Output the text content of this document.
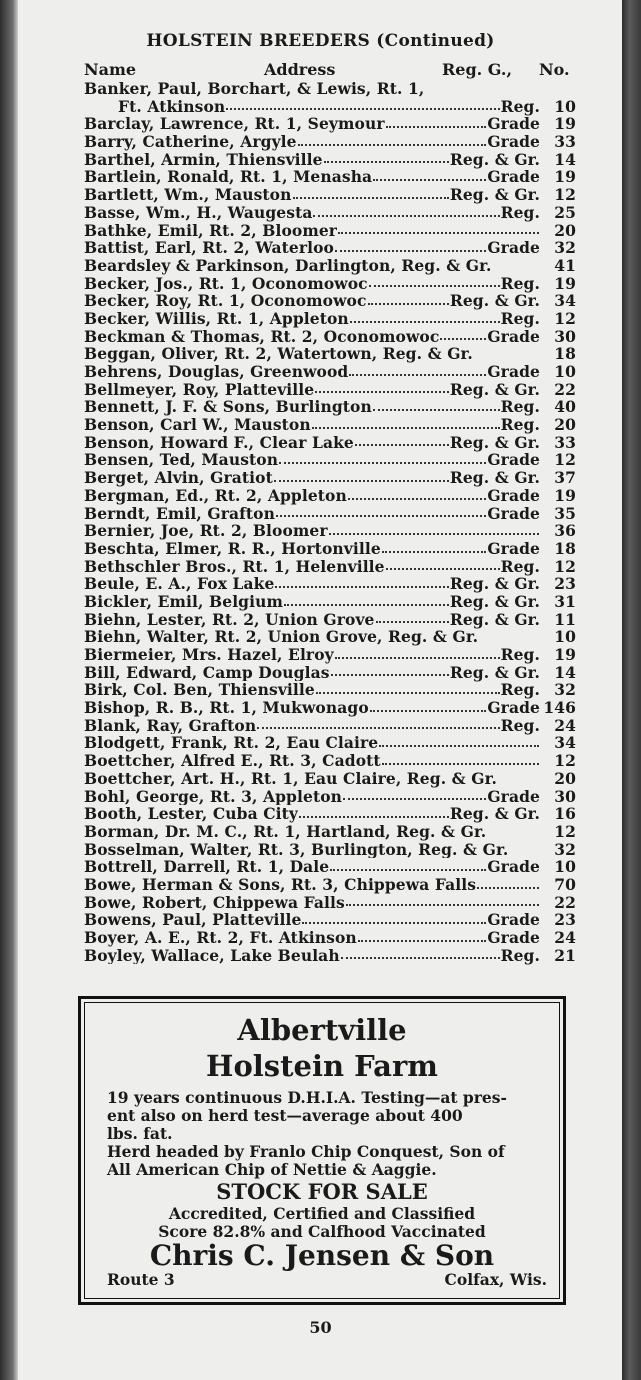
HOLSTEIN BREEDERS (Continued)
Name	Address	Reg. G., No.
Banker, Paul, Borchart, & Lewis, Rt. 1,
Ft. Atkinson	Reg. 10
Barclay, Lawrence, Rt. 1, Seymour	Grade 19
Barry, Catherine, Argyle	Grade 33
Barthel, Armin, Thiensville	Reg. & Gr. 14
Bartlein, Ronald, Rt. 1, Menasha	Grade 19
Bartlett, Wm., Mauston	Reg. & Gr. 12
Basse, Wm., H., Waugesta	Reg. 25
Bathke, Emil, Rt. 2, Bloomer	20
Battist, Earl, Rt. 2, Waterloo	Grade 32
Beardsley & Parkinson, Darlington, Reg. & Gr.	41
Becker, Jos., Rt. 1, Oconomowoc	Reg. 19
Becker, Roy, Rt. 1, Oconomowoc	Reg. & Gr. 34
Becker, Willis, Rt. 1, Appleton	Reg. 12
Beckman & Thomas, Rt. 2, Oconomowoc	Grade 30
Beggan, Oliver, Rt. 2, Watertown, Reg. & Gr.	18
Behrens, Douglas, Greenwood	Grade 10
Bellmeyer, Roy, Platteville	Reg. & Gr. 22
Bennett, J. F. & Sons, Burlington	Reg. 40
Benson, Carl W., Mauston	Reg. 20
Benson, Howard F., Clear Lake	Reg. & Gr. 33
Bensen, Ted, Mauston	Grade 12
Berget, Alvin, Gratiot	Reg. & Gr. 37
Bergman, Ed., Rt. 2, Appleton	Grade 19
Berndt, Emil, Grafton	Grade 35
Bernier, Joe, Rt. 2, Bloomer	36
Beschta, Elmer, R. R., Hortonville	Grade 18
Bethschler Bros., Rt. 1, Helenville	Reg. 12
Beule, E. A., Fox Lake	Reg. & Gr. 23
Bickler, Emil, Belgium	Reg. & Gr. 31
Biehn, Lester, Rt. 2, Union Grove	Reg. & Gr. 11
Biehn, Walter, Rt. 2, Union Grove, Reg. & Gr.	10
Biermeier, Mrs. Hazel, Elroy	Reg. 19
Bill, Edward, Camp Douglas	Reg. & Gr. 14
Birk, Col. Ben, Thiensville	Reg. 32
Bishop, R. B., Rt. 1, Mukwonago	Grade 146
Blank, Ray, Grafton	Reg. 24
Blodgett, Frank, Rt. 2, Eau Claire	34
Boettcher, Alfred E., Rt. 3, Cadott	12
Boettcher, Art. H., Rt. 1, Eau Claire, Reg. & Gr.	20
Bohl, George, Rt. 3, Appleton	Grade 30
Booth, Lester, Cuba City	Reg. & Gr. 16
Borman, Dr. M. C., Rt. 1, Hartland, Reg. & Gr.	12
Bosselman, Walter, Rt. 3, Burlington, Reg. & Gr.	32
Bottrell, Darrell, Rt. 1, Dale	Grade 10
Bowe, Herman & Sons, Rt. 3, Chippewa Falls	70
Bowe, Robert, Chippewa Falls	22
Bowens, Paul, Platteville	Grade 23
Boyer, A. E., Rt. 2, Ft. Atkinson	Grade 24
Boyley, Wallace, Lake Beulah	Reg. 21
Albertville
Holstein Farm
19 years continuous D.H.I.A. Testing—at pres-
ent also on herd test—average about 400
lbs. fat.
Herd headed by Franlo Chip Conquest, Son of
All American Chip of Nettie & Aaggie.
STOCK FOR SALE
Accredited, Certified and Classified
Score 82.8% and Calfhood Vaccinated
Chris C. Jensen & Son
Route 3	Colfax, Wis.
50
